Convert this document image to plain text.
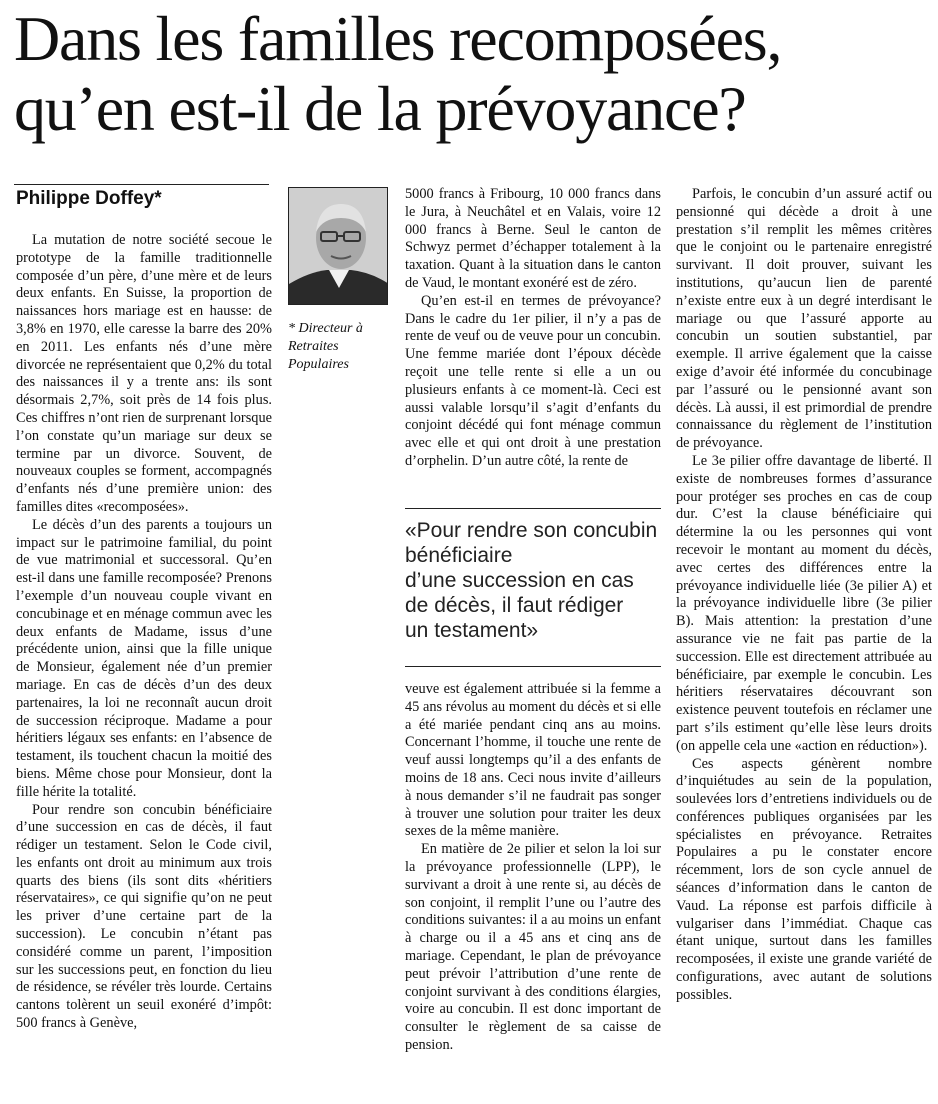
Dans les familles recomposées,
qu’en est-il de la prévoyance?
Philippe Doffey*

La mutation de notre société secoue le prototype de la famille traditionnelle composée d’un père, d’une mère et de leurs deux enfants. En Suisse, la proportion de naissances hors mariage est en hausse: de 3,8% en 1970, elle caresse la barre des 20% en 2011. Les enfants nés d’une mère divorcée ne représentaient que 0,2% du total des naissances il y a trente ans: ils sont désormais 2,7%, soit près de 14 fois plus. Ces chiffres n’ont rien de surprenant lorsque l’on constate qu’un mariage sur deux se termine par un divorce. Souvent, de nouveaux couples se forment, accompagnés d’enfants nés d’une première union: des familles dites «recomposées».

Le décès d’un des parents a toujours un impact sur le patrimoine familial, du point de vue matrimonial et successoral. Qu’en est-il dans une famille recomposée? Prenons l’exemple d’un nouveau couple vivant en concubinage et en ménage commun avec les deux enfants de Madame, issus d’une précédente union, ainsi que la fille unique de Monsieur, également née d’un premier mariage. En cas de décès d’un des deux partenaires, la loi ne reconnaît aucun droit de succession réciproque. Madame a pour héritiers légaux ses enfants: en l’absence de testament, ils touchent chacun la moitié des biens. Même chose pour Monsieur, dont la fille hérite la totalité.

Pour rendre son concubin bénéficiaire d’une succession en cas de décès, il faut rédiger un testament. Selon le Code civil, les enfants ont droit au minimum aux trois quarts des biens (ils sont dits «héritiers réservataires», ce qui signifie qu’on ne peut les priver d’une certaine part de la succession). Le concubin n’étant pas considéré comme un parent, l’imposition sur les successions peut, en fonction du lieu de résidence, se révéler très lourde. Certains cantons tolèrent un seuil exonéré d’impôt: 500 francs à Genève,

* Directeur à Retraites Populaires

5000 francs à Fribourg, 10 000 francs dans le Jura, à Neuchâtel et en Valais, voire 12 000 francs à Berne. Seul le canton de Schwyz permet d’échapper totalement à la taxation. Quant à la situation dans le canton de Vaud, le montant exonéré est de zéro.

Qu’en est-il en termes de prévoyance? Dans le cadre du 1er pilier, il n’y a pas de rente de veuf ou de veuve pour un concubin. Une femme mariée dont l’époux décède reçoit une telle rente si elle a un ou plusieurs enfants à ce moment-là. Ceci est aussi valable lorsqu’il s’agit d’enfants du conjoint décédé qui font ménage commun avec elle et qui ont droit à une prestation d’orphelin. D’un autre côté, la rente de

«Pour rendre son concubin
bénéficiaire
d’une succession en cas
de décès, il faut rédiger
un testament»

veuve est également attribuée si la femme a 45 ans révolus au moment du décès et si elle a été mariée pendant cinq ans au moins. Concernant l’homme, il touche une rente de veuf aussi longtemps qu’il a des enfants de moins de 18 ans. Ceci nous invite d’ailleurs à nous demander s’il ne faudrait pas songer à trouver une solution pour traiter les deux sexes de la même manière.

En matière de 2e pilier et selon la loi sur la prévoyance professionnelle (LPP), le survivant a droit à une rente si, au décès de son conjoint, il remplit l’une ou l’autre des conditions suivantes: il a au moins un enfant à charge ou il a 45 ans et cinq ans de mariage. Cependant, le plan de prévoyance peut prévoir l’attribution d’une rente de conjoint survivant à des conditions élargies, voire au concubin. Il est donc important de consulter le règlement de sa caisse de pension.

Parfois, le concubin d’un assuré actif ou pensionné qui décède a droit à une prestation s’il remplit les mêmes critères que le conjoint ou le partenaire enregistré survivant. Il doit prouver, suivant les institutions, qu’aucun lien de parenté n’existe entre eux à un degré interdisant le mariage ou que l’assuré apporte au concubin un soutien substantiel, par exemple. Il arrive également que la caisse exige d’avoir été informée du concubinage par l’assuré ou le pensionné avant son décès. Là aussi, il est primordial de prendre connaissance du règlement de l’institution de prévoyance.

Le 3e pilier offre davantage de liberté. Il existe de nombreuses formes d’assurance pour protéger ses proches en cas de coup dur. C’est la clause bénéficiaire qui détermine la ou les personnes qui vont recevoir le montant au moment du décès, avec certes des différences entre la prévoyance individuelle liée (3e pilier A) et la prévoyance individuelle libre (3e pilier B). Mais attention: la prestation d’une assurance vie ne fait pas partie de la succession. Elle est directement attribuée au bénéficiaire, par exemple le concubin. Les héritiers réservataires découvrant son existence peuvent toutefois en réclamer une part s’ils estiment qu’elle lèse leurs droits (on appelle cela une «action en réduction»).

Ces aspects génèrent nombre d’inquiétudes au sein de la population, soulevées lors d’entretiens individuels ou de conférences publiques organisées par les spécialistes en prévoyance. Retraites Populaires a pu le constater encore récemment, lors de son cycle annuel de séances d’information dans le canton de Vaud. La réponse est parfois difficile à vulgariser dans l’immédiat. Chaque cas étant unique, surtout dans les familles recomposées, il existe une grande variété de configurations, avec autant de solutions possibles.
